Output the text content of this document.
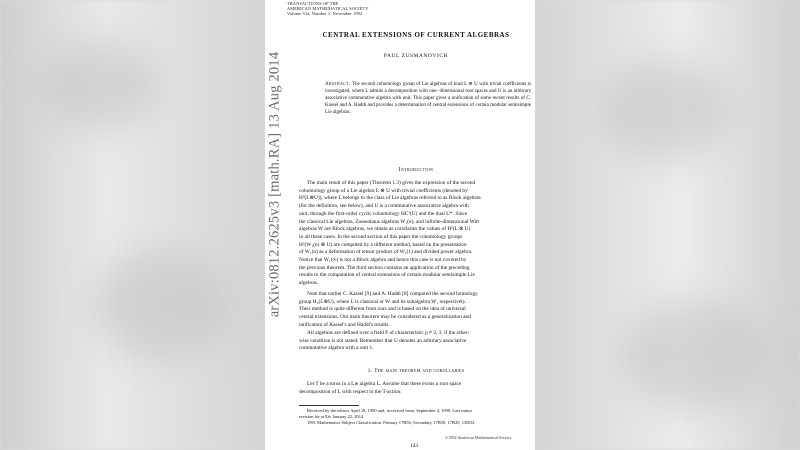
TRANSACTIONS OF THE
AMERICAN MATHEMATICAL SOCIETY
Volume 334, Number 1, November 1992
arXiv:0812.2625v3 [math.RA] 13 Aug 2014
CENTRAL EXTENSIONS OF CURRENT ALGEBRAS
PAUL ZUSMANOVICH
Abstract. The second cohomology group of Lie algebras of kind L ⊗ U with trivial coefficients is investigated, where L admits a decomposition with one- dimensional root spaces and U is an arbitrary associative commutative algebra with unit. This paper gives a unification of some recent results of C. Kassel and A. Haddi and provides a determination of central extensions of certain modular semisimple Lie algebras.
Introduction
The main result of this paper (Theorem 1.3) gives the expression of the second
cohomology group of a Lie algebra L ⊗ U with trivial coefficients (denoted by
H²(L⊗U)), where L belongs to the class of Lie algebras referred to as Block algebras
(for the definition, see below), and U is a commutative associative algebra with
unit, through the first-order cyclic cohomology HC¹(U) and the dual U*. Since
the classical Lie algebras, Zassenhaus algebras W₁(n), and infinite-dimensional Witt
algebras W are Block algebras, we obtain as corollaries the values of H²(L ⊗ U)
in all these cases. In the second section of this paper the cohomology groups
H²(W₁(n) ⊗ U) are computed by a different method, based on the presentation
of W₁(n) as a deformation of tensor product of W₁(1) and divided power algebra.
Notice that W₁(∞) is not a Block algebra and hence this case is not covered by
the previous theorem. The third section contains an application of the preceding
results to the computation of central extensions of certain modular semisimple Lie
algebras.
Note that earlier C. Kassel [9] and A. Haddi [8] computed the second homology
group H₂(L⊗U), where L is classical or W and its subalgebra W₁ respectively.
Their method is quite different from ours and is based on the idea of universal
central extensions. Our main theorem may be considered as a generalization and
unification of Kassel's and Haddi's results.
All algebras are defined over a field F of characteristic p ≠ 2, 3, if the other-
wise condition is not stated. Remember that U denotes an arbitrary associative
commutative algebra with a unit 1.
1. The main theorem and corollaries
Let T be a torus in a Lie algebra L. Assume that there exists a root space
decomposition of L with respect to the T-action:
Received by the editors April 18, 1990 and, in revised form, September 4, 1990. Last minor
revision for arXiv January 22, 2014.
1991 Mathematics Subject Classification. Primary 17B56; Secondary 17B50, 17B20, 13D03.
©1992 American Mathematical Society
143
